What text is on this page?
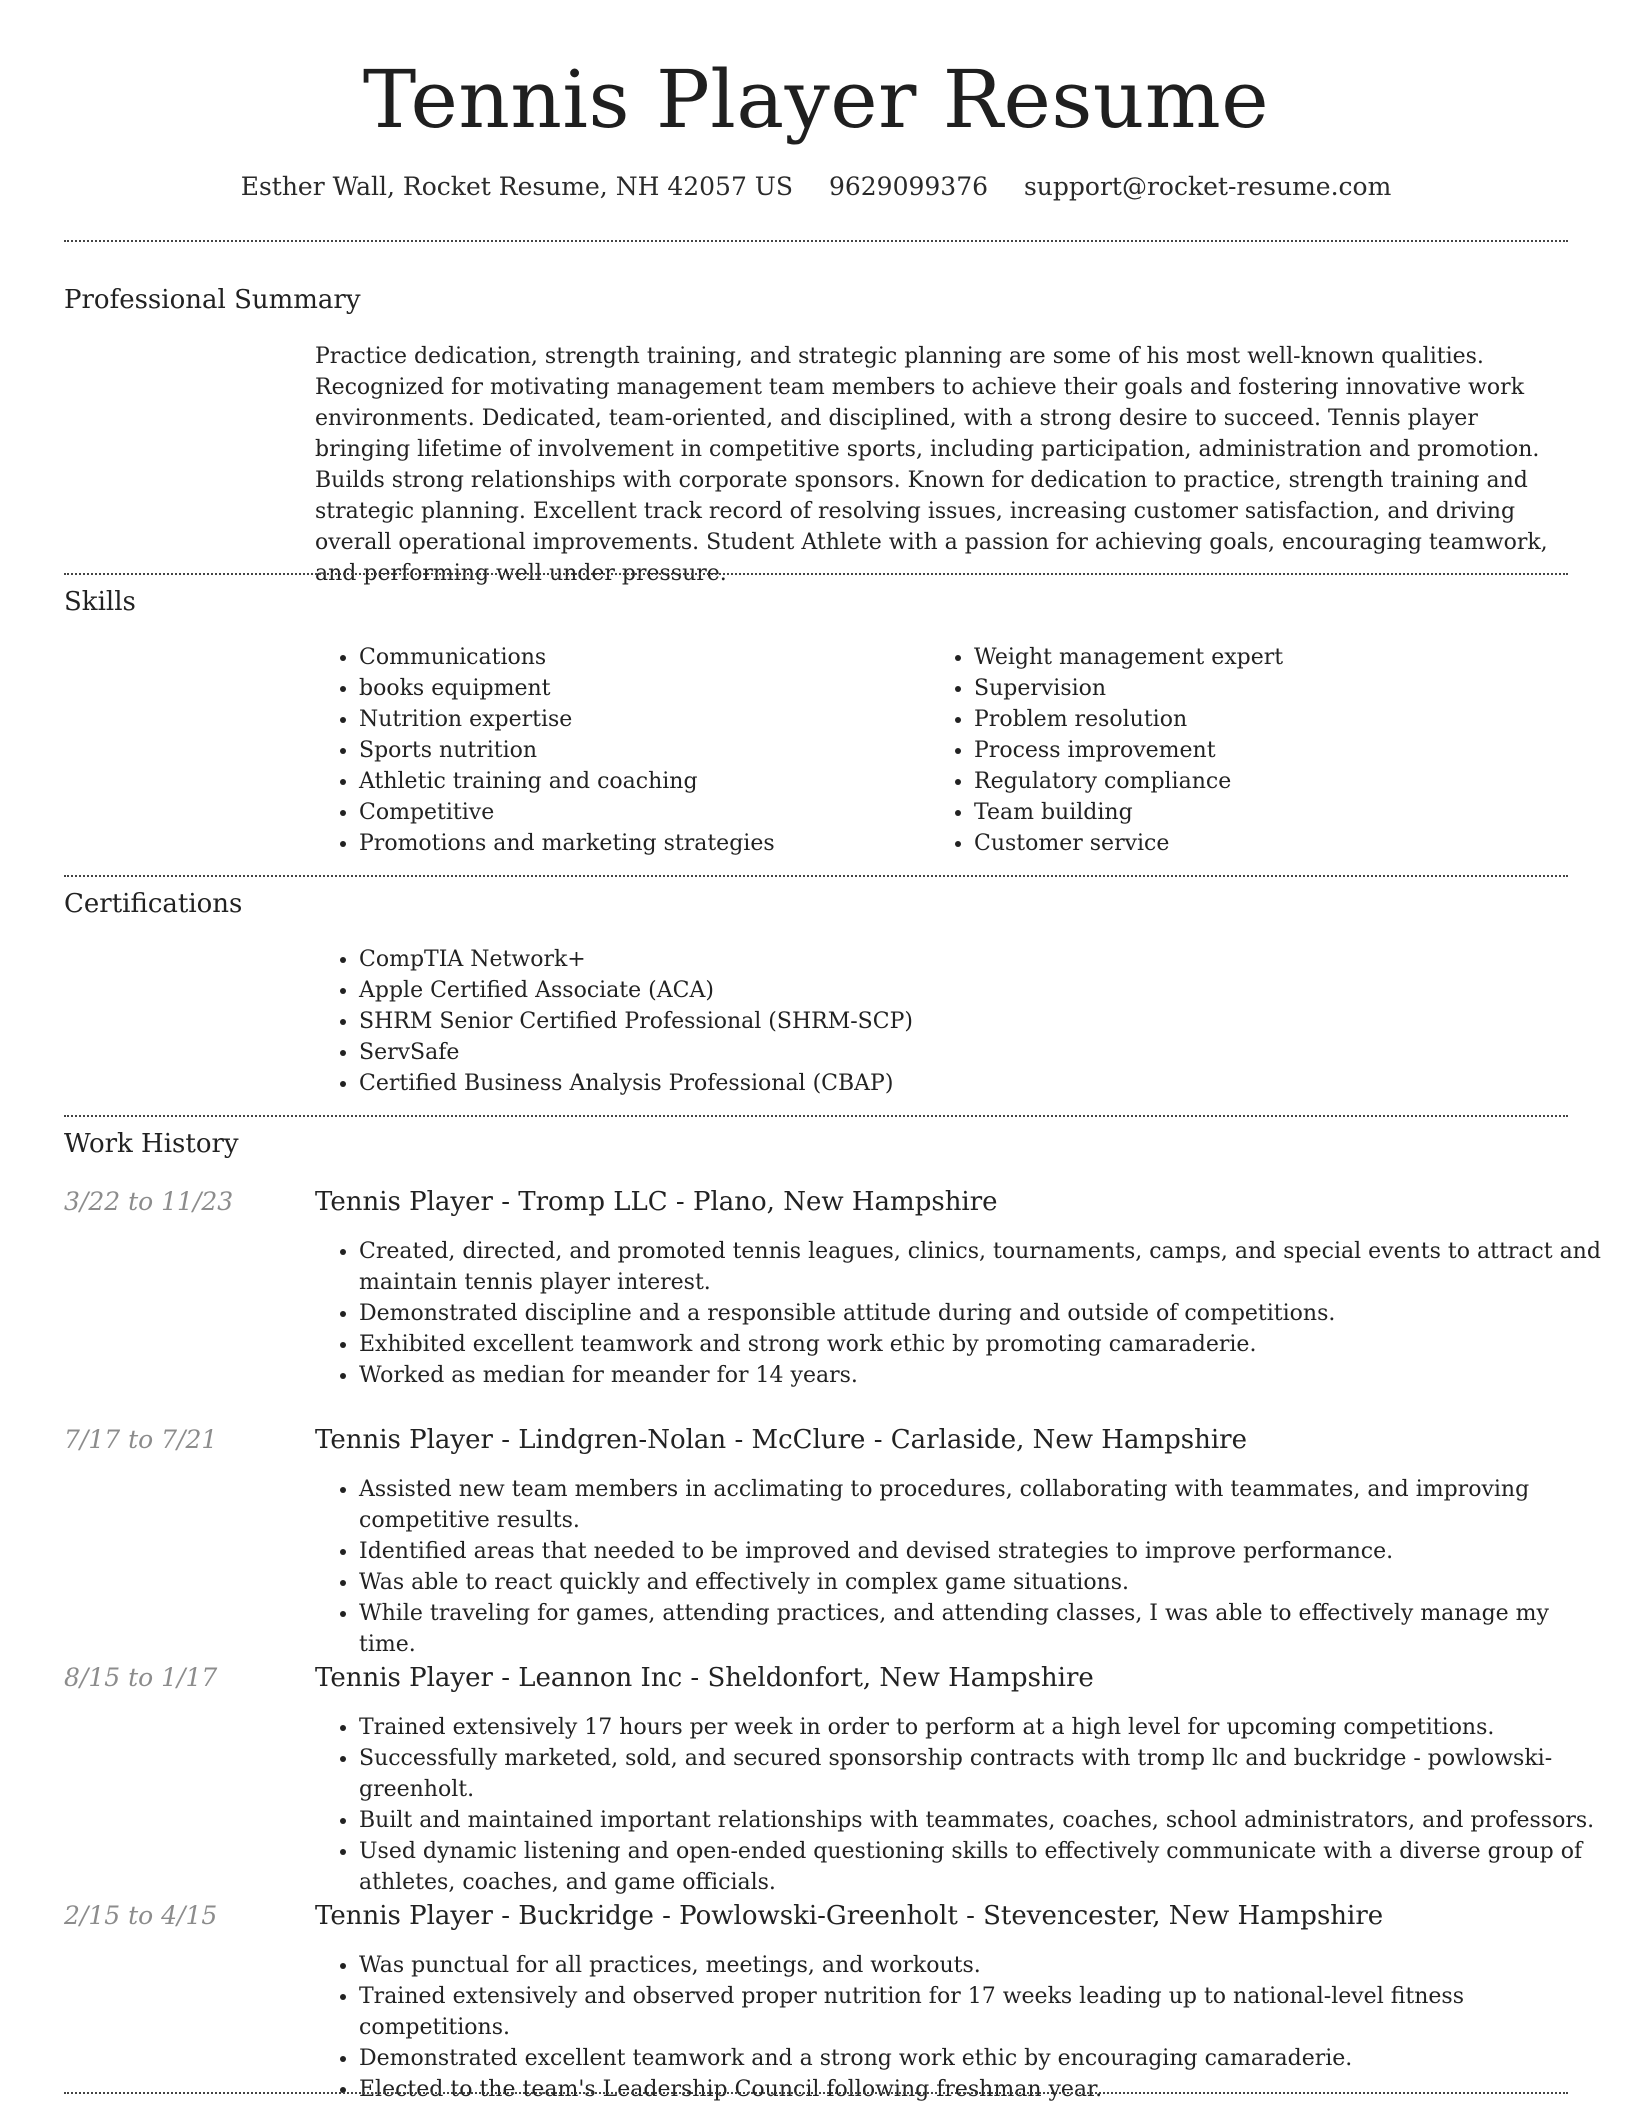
Tennis Player Resume
Esther Wall, Rocket Resume, NH 42057 US 9629099376 support@rocket-resume.com
Professional Summary

Practice dedication, strength training, and strategic planning are some of his most well-known qualities. Recognized for motivating management team members to achieve their goals and fostering innovative work environments. Dedicated, team-oriented, and disciplined, with a strong desire to succeed. Tennis player bringing lifetime of involvement in competitive sports, including participation, administration and promotion. Builds strong relationships with corporate sponsors. Known for dedication to practice, strength training and strategic planning. Excellent track record of resolving issues, increasing customer satisfaction, and driving overall operational improvements. Student Athlete with a passion for achieving goals, encouraging teamwork, and performing well under pressure.

Skills
• Communications
• books equipment
• Nutrition expertise
• Sports nutrition
• Athletic training and coaching
• Competitive
• Promotions and marketing strategies
• Weight management expert
• Supervision
• Problem resolution
• Process improvement
• Regulatory compliance
• Team building
• Customer service
Certifications
• CompTIA Network+
• Apple Certified Associate (ACA)
• SHRM Senior Certified Professional (SHRM-SCP)
• ServSafe
• Certified Business Analysis Professional (CBAP)
Work History
3/22 to 11/23	Tennis Player - Tromp LLC - Plano, New Hampshire
• Created, directed, and promoted tennis leagues, clinics, tournaments, camps, and special events to attract and maintain tennis player interest.
• Demonstrated discipline and a responsible attitude during and outside of competitions.
• Exhibited excellent teamwork and strong work ethic by promoting camaraderie.
• Worked as median for meander for 14 years.
7/17 to 7/21	Tennis Player - Lindgren-Nolan - McClure - Carlaside, New Hampshire
• Assisted new team members in acclimating to procedures, collaborating with teammates, and improving competitive results.
• Identified areas that needed to be improved and devised strategies to improve performance.
• Was able to react quickly and effectively in complex game situations.
• While traveling for games, attending practices, and attending classes, I was able to effectively manage my time.
8/15 to 1/17	Tennis Player - Leannon Inc - Sheldonfort, New Hampshire
• Trained extensively 17 hours per week in order to perform at a high level for upcoming competitions.
• Successfully marketed, sold, and secured sponsorship contracts with tromp llc and buckridge - powlowski-greenholt.
• Built and maintained important relationships with teammates, coaches, school administrators, and professors.
• Used dynamic listening and open-ended questioning skills to effectively communicate with a diverse group of athletes, coaches, and game officials.
2/15 to 4/15	Tennis Player - Buckridge - Powlowski-Greenholt - Stevencester, New Hampshire
• Was punctual for all practices, meetings, and workouts.
• Trained extensively and observed proper nutrition for 17 weeks leading up to national-level fitness competitions.
• Demonstrated excellent teamwork and a strong work ethic by encouraging camaraderie.
• Elected to the team's Leadership Council following freshman year.
